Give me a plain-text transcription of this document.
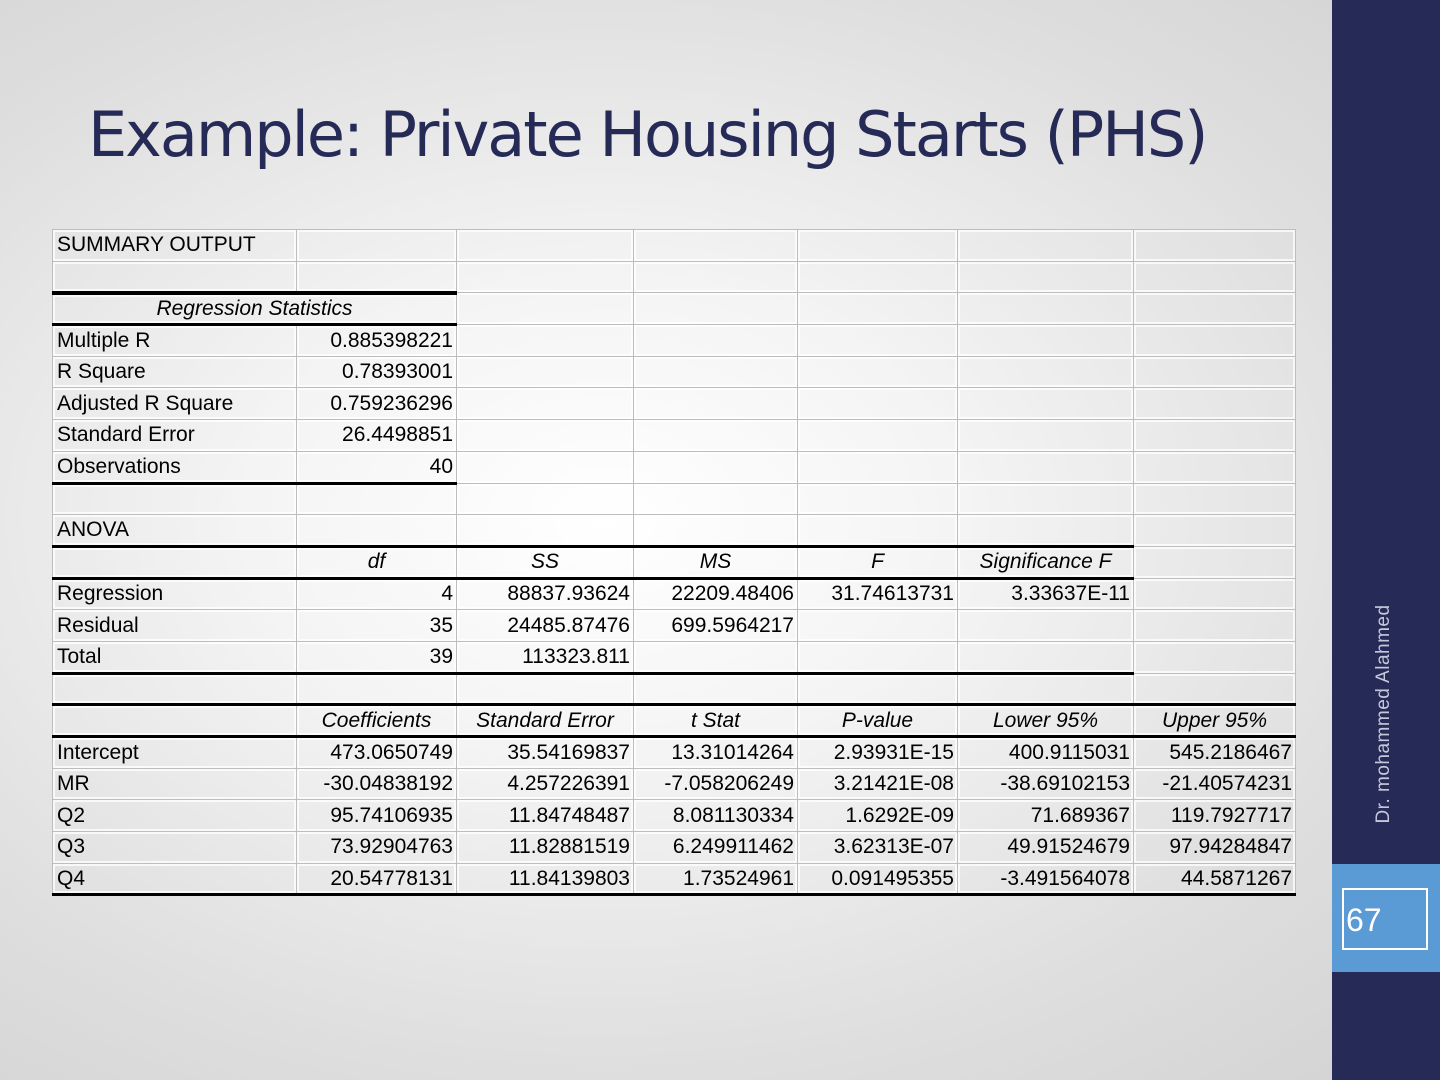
Example: Private Housing Starts (PHS)
SUMMARY OUTPUT						

Regression Statistics						
Multiple R	0.885398221					
R Square	0.78393001					
Adjusted R Square	0.759236296					
Standard Error	26.4498851					
Observations	40					

ANOVA						
	df	SS	MS	F	Significance F	
Regression	4	88837.93624	22209.48406	31.74613731	3.33637E-11	
Residual	35	24485.87476	699.5964217			
Total	39	113323.811				

	Coefficients	Standard Error	t Stat	P-value	Lower 95%	Upper 95%
Intercept	473.0650749	35.54169837	13.31014264	2.93931E-15	400.9115031	545.2186467
MR	-30.04838192	4.257226391	-7.058206249	3.21421E-08	-38.69102153	-21.40574231
Q2	95.74106935	11.84748487	8.081130334	1.6292E-09	71.689367	119.7927717
Q3	73.92904763	11.82881519	6.249911462	3.62313E-07	49.91524679	97.94284847
Q4	20.54778131	11.84139803	1.73524961	0.091495355	-3.491564078	44.5871267
Dr. mohammed Alahmed
67
